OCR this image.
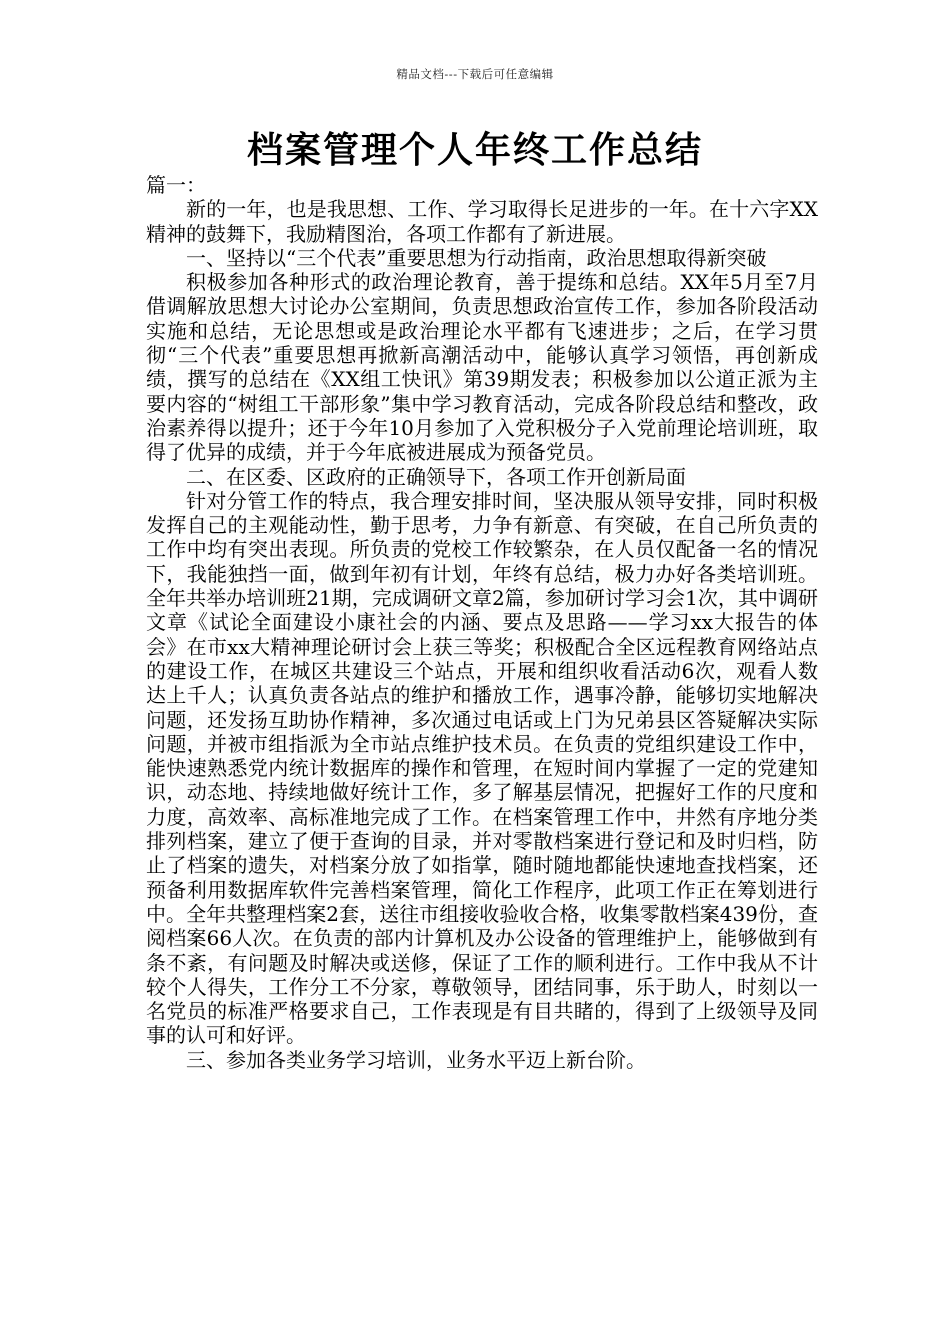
精品文档---下载后可任意编辑
档案管理个人年终工作总结

篇一：

新的一年，也是我思想、工作、学习取得长足进步的一年。在十六字XX精神的鼓舞下，我励精图治，各项工作都有了新进展。

一、坚持以“三个代表”重要思想为行动指南，政治思想取得新突破

积极参加各种形式的政治理论教育，善于提练和总结。XX年5月至7月借调解放思想大讨论办公室期间，负责思想政治宣传工作，参加各阶段活动实施和总结，无论思想或是政治理论水平都有飞速进步；之后，在学习贯彻“三个代表”重要思想再掀新高潮活动中，能够认真学习领悟，再创新成绩，撰写的总结在《XX组工快讯》第39期发表；积极参加以公道正派为主要内容的“树组工干部形象”集中学习教育活动，完成各阶段总结和整改，政治素养得以提升；还于今年10月参加了入党积极分子入党前理论培训班，取得了优异的成绩，并于今年底被进展成为预备党员。

二、在区委、区政府的正确领导下，各项工作开创新局面

针对分管工作的特点，我合理安排时间，坚决服从领导安排，同时积极发挥自己的主观能动性，勤于思考，力争有新意、有突破，在自己所负责的工作中均有突出表现。所负责的党校工作较繁杂，在人员仅配备一名的情况下，我能独挡一面，做到年初有计划，年终有总结，极力办好各类培训班。全年共举办培训班21期，完成调研文章2篇，参加研讨学习会1次，其中调研文章《试论全面建设小康社会的内涵、要点及思路——学习xx大报告的体会》在市xx大精神理论研讨会上获三等奖；积极配合全区远程教育网络站点的建设工作，在城区共建设三个站点，开展和组织收看活动6次，观看人数达上千人；认真负责各站点的维护和播放工作，遇事冷静，能够切实地解决问题，还发扬互助协作精神，多次通过电话或上门为兄弟县区答疑解决实际问题，并被市组指派为全市站点维护技术员。在负责的党组织建设工作中，能快速熟悉党内统计数据库的操作和管理，在短时间内掌握了一定的党建知识，动态地、持续地做好统计工作，多了解基层情况，把握好工作的尺度和力度，高效率、高标准地完成了工作。在档案管理工作中，井然有序地分类排列档案，建立了便于查询的目录，并对零散档案进行登记和及时归档，防止了档案的遗失，对档案分放了如指掌，随时随地都能快速地查找档案，还预备利用数据库软件完善档案管理，简化工作程序，此项工作正在筹划进行中。全年共整理档案2套，送往市组接收验收合格，收集零散档案439份，查阅档案66人次。在负责的部内计算机及办公设备的管理维护上，能够做到有条不紊，有问题及时解决或送修，保证了工作的顺利进行。工作中我从不计较个人得失，工作分工不分家，尊敬领导，团结同事，乐于助人，时刻以一名党员的标准严格要求自己，工作表现是有目共睹的，得到了上级领导及同事的认可和好评。

三、参加各类业务学习培训，业务水平迈上新台阶。
